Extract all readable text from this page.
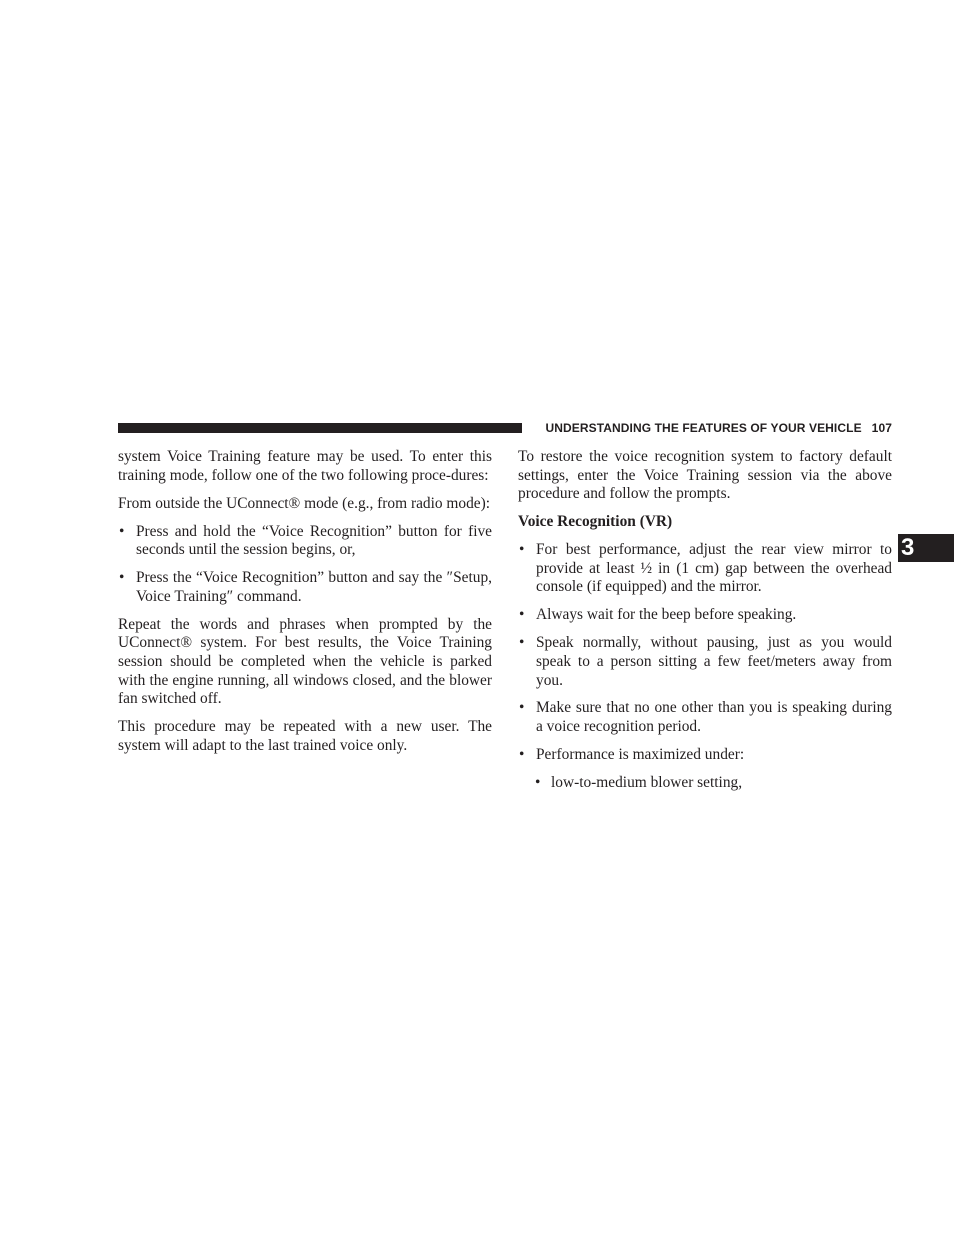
UNDERSTANDING THE FEATURES OF YOUR VEHICLE 107
3

system Voice Training feature may be used. To enter this training mode, follow one of the two following proce-dures:

From outside the UConnect® mode (e.g., from radio mode):

• Press and hold the “Voice Recognition” button for five seconds until the session begins, or,
• Press the “Voice Recognition” button and say the ″Setup, Voice Training″ command.

Repeat the words and phrases when prompted by the UConnect® system. For best results, the Voice Training session should be completed when the vehicle is parked with the engine running, all windows closed, and the blower fan switched off.

This procedure may be repeated with a new user. The system will adapt to the last trained voice only.

To restore the voice recognition system to factory default settings, enter the Voice Training session via the above procedure and follow the prompts.

Voice Recognition (VR)

• For best performance, adjust the rear view mirror to provide at least ½ in (1 cm) gap between the overhead console (if equipped) and the mirror.
• Always wait for the beep before speaking.
• Speak normally, without pausing, just as you would speak to a person sitting a few feet/meters away from you.
• Make sure that no one other than you is speaking during a voice recognition period.
• Performance is maximized under:
• low-to-medium blower setting,
